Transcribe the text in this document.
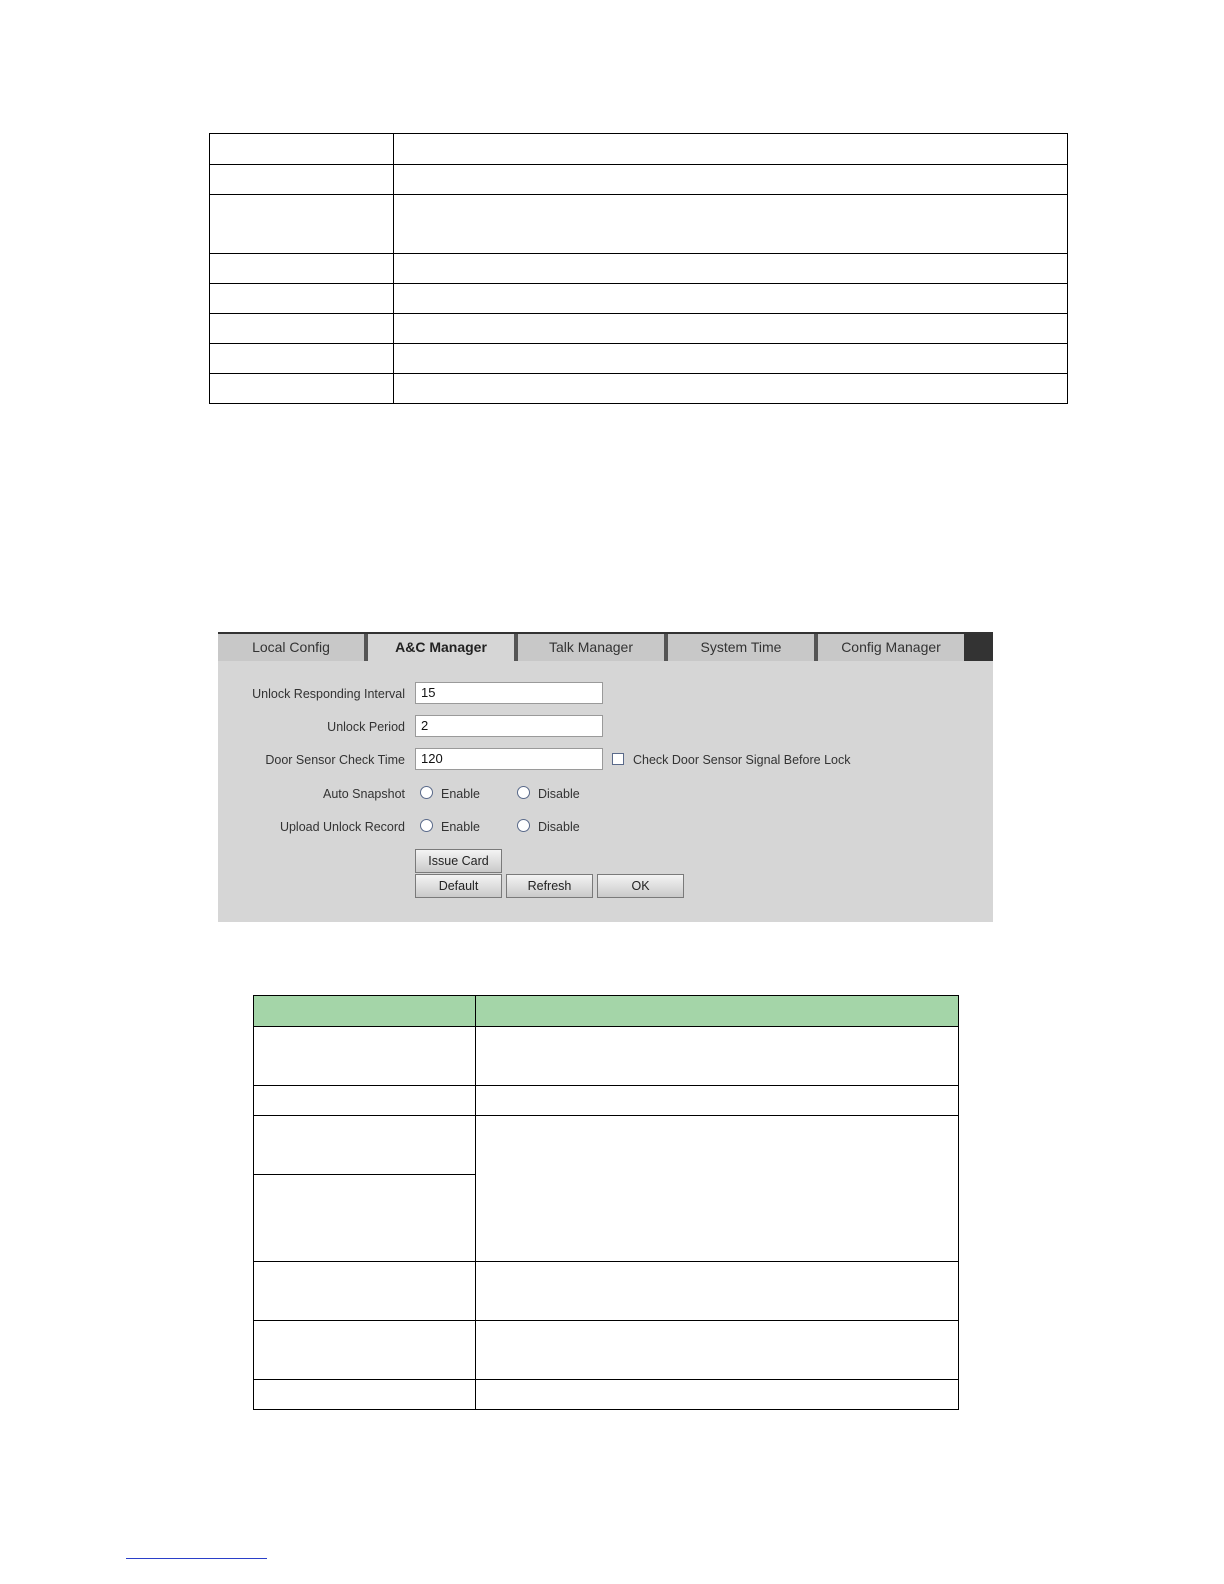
Local Config	A&C Manager	Talk Manager	System Time	Config Manager
Unlock Responding Interval	15
Unlock Period	2
Door Sensor Check Time	120	Check Door Sensor Signal Before Lock
Auto Snapshot	Enable	Disable
Upload Unlock Record	Enable	Disable
Issue Card
Default	Refresh	OK
